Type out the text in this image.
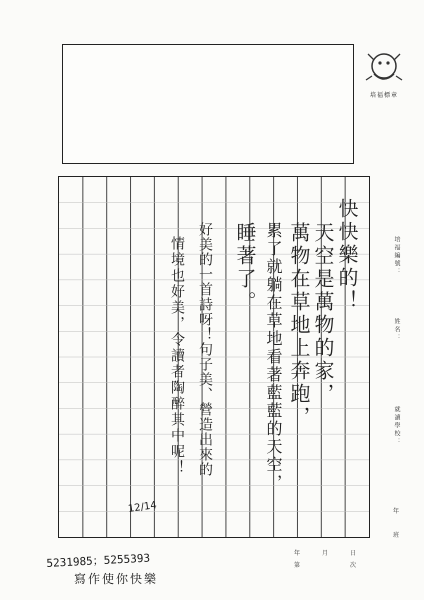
培福標章
快快樂的！
天空是萬物的家，
萬物在草地上奔跑，
累了就躺在草地看著藍藍的天空，
睡著了。
好美的一首詩呀！句子美、營造出來的
情境也好美，令讀者陶醉其中呢！
12/14
培福編號：
姓名：
就讀學校：
年
班
年	月	日
第	次
5231985；5255393
寫作使你快樂
